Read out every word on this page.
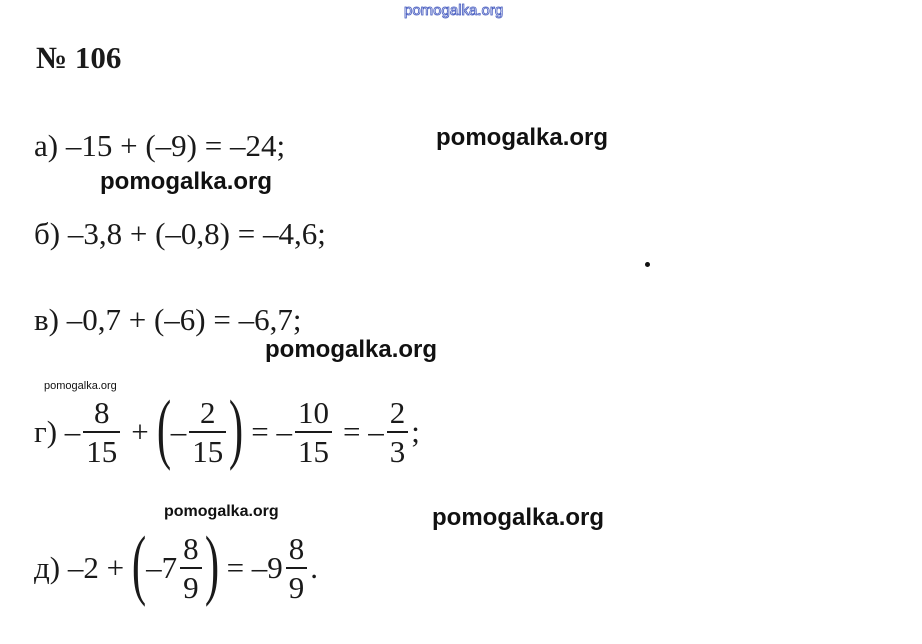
pomogalka.org
№ 106
pomogalka.org
pomogalka.org
pomogalka.org
pomogalka.org
pomogalka.org	pomogalka.org
а) –15 + (–9) = –24;
б) –3,8 + (–0,8) = –4,6;
в) –0,7 + (–6) = –6,7;
$г) - \frac{8}{15}$ + ( – $\frac{2}{15}$ ) = – $\frac{10}{15}$ = – $\frac{2}{3}$ ;
д) –2 + ( $-7 \frac{8}{9}$ ) = $-9 \frac{8}{9}$ .
